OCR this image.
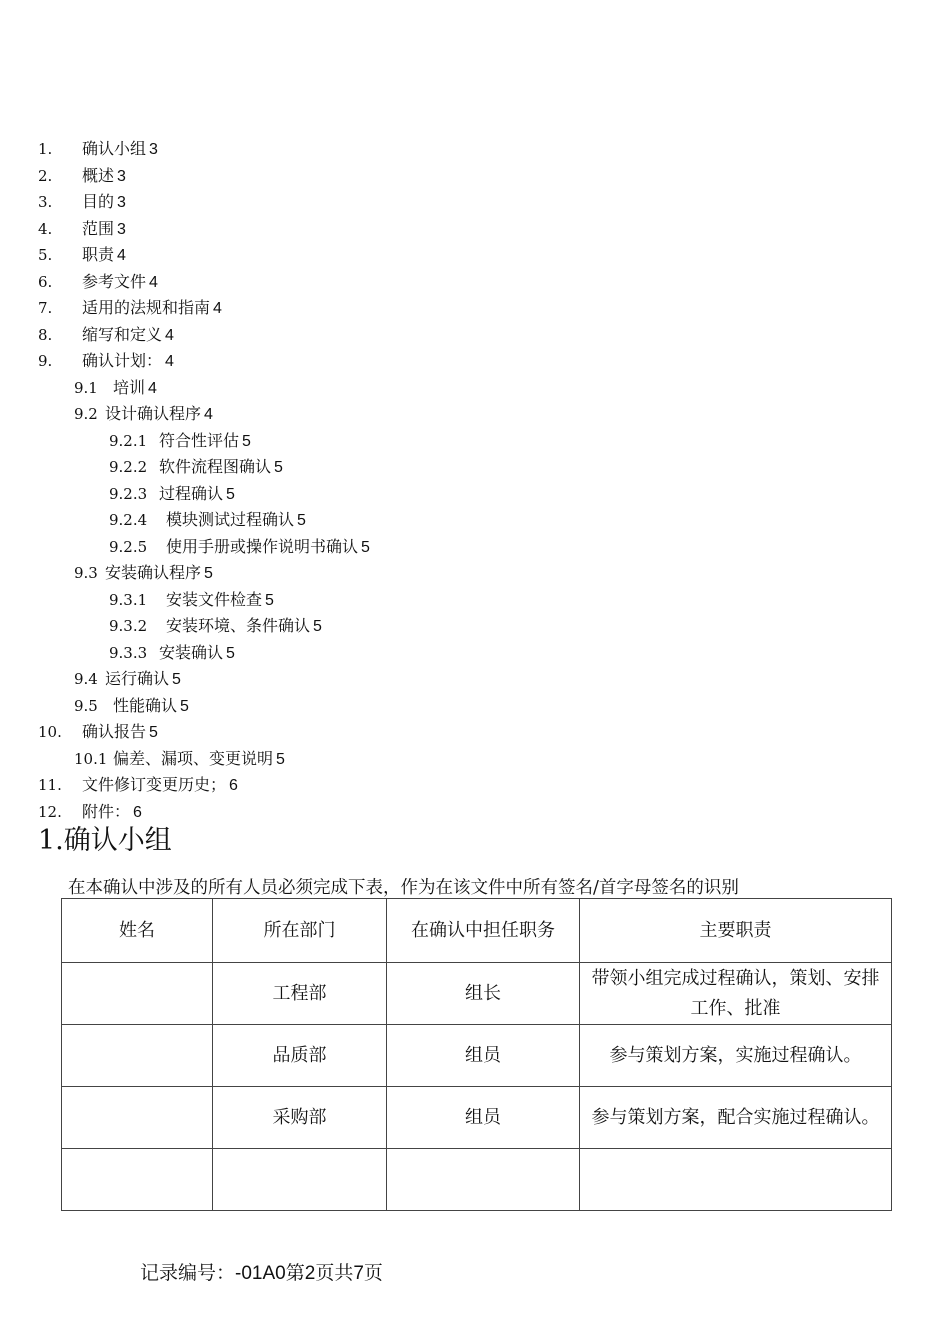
1. 确认小组 3
2. 概述 3
3. 目的 3
4. 范围 3
5. 职责 4
6. 参考文件 4
7. 适用的法规和指南 4
8. 缩写和定义 4
9. 确认计划： 4
9.1 培训 4
9.2 设计确认程序 4
9.2.1 符合性评估 5
9.2.2 软件流程图确认 5
9.2.3 过程确认 5
9.2.4 模块测试过程确认 5
9.2.5 使用手册或操作说明书确认 5
9.3 安装确认程序 5
9.3.1 安装文件检查 5
9.3.2 安装环境、条件确认 5
9.3.3 安装确认 5
9.4 运行确认 5
9.5 性能确认 5
10. 确认报告 5
10.1 偏差、漏项、变更说明 5
11. 文件修订变更历史； 6
12. 附件： 6
1.确认小组
在本确认中涉及的所有人员必须完成下表，作为在该文件中所有签名/首字母签名的识别
姓名	所在部门	在确认中担任职务	主要职责
	工程部	组长	带领小组完成过程确认，策划、安排工作、批准
	品质部	组员	参与策划方案，实施过程确认。
	采购部	组员	参与策划方案，配合实施过程确认。

记录编号：-01A0第2页共7页
